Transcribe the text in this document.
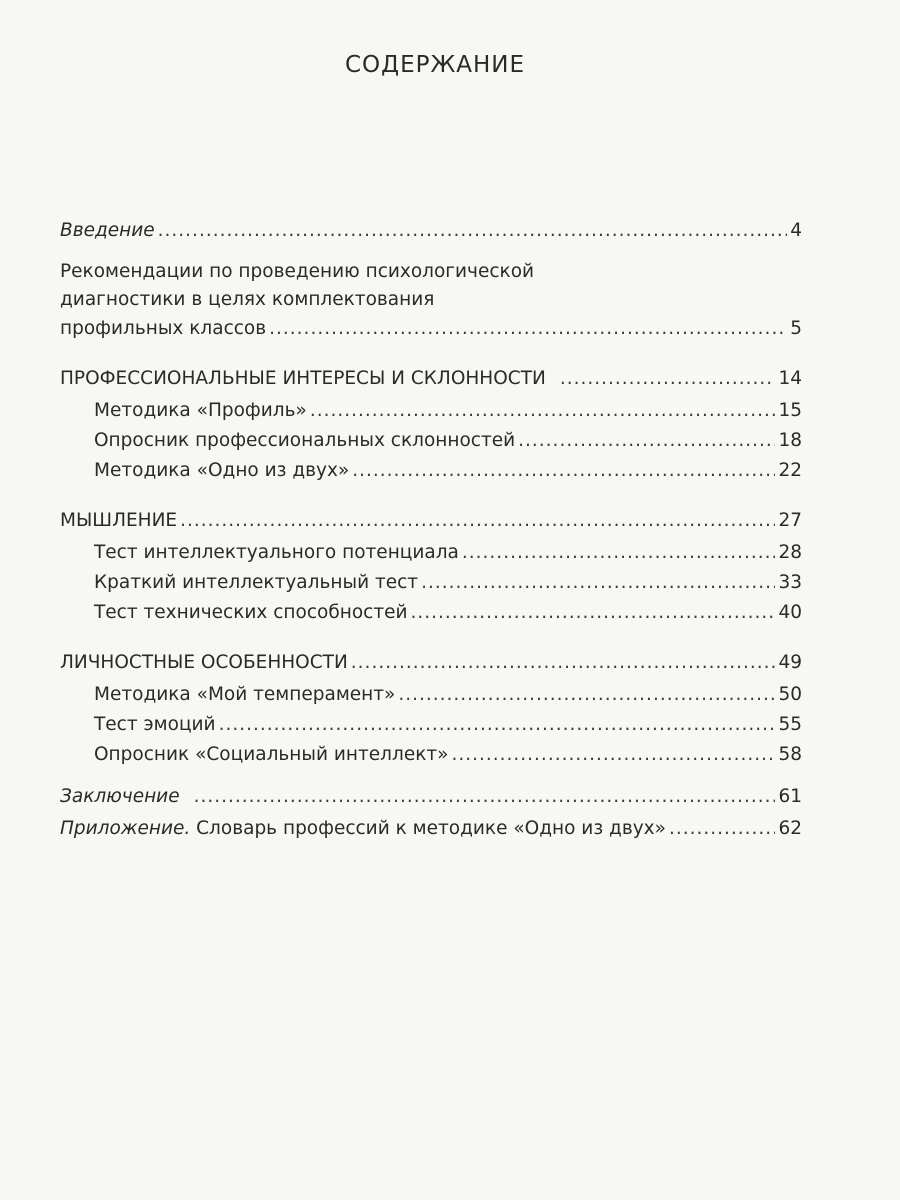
СОДЕРЖАНИЕ
Введение .....	4
Рекомендации по проведению психологической
диагностики в целях комплектования
профильных классов .....	5
ПРОФЕССИОНАЛЬНЫЕ ИНТЕРЕСЫ И СКЛОННОСТИ .....	14
Методика «Профиль» .....	15
Опросник профессиональных склонностей .....	18
Методика «Одно из двух» .....	22
МЫШЛЕНИЕ .....	27
Тест интеллектуального потенциала .....	28
Краткий интеллектуальный тест .....	33
Тест технических способностей .....	40
ЛИЧНОСТНЫЕ ОСОБЕННОСТИ .....	49
Методика «Мой темперамент» .....	50
Тест эмоций .....	55
Опросник «Социальный интеллект» .....	58
Заключение .....	61
Приложение. Словарь профессий к методике «Одно из двух» .....	62
